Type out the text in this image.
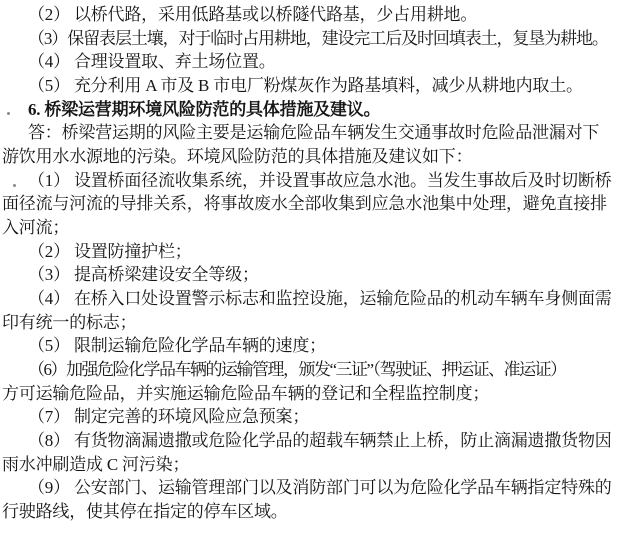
（2） 以桥代路，采用低路基或以桥隧代路基，少占用耕地。
（3）保留表层土壤，对于临时占用耕地，建设完工后及时回填表土，复垦为耕地。
（4） 合理设置取、弃土场位置。
（5） 充分利用 A 市及 B 市电厂粉煤灰作为路基填料，减少从耕地内取土。
6. 桥梁运营期环境风险防范的具体措施及建议。
答：桥梁营运期的风险主要是运输危险品车辆发生交通事故时危险品泄漏对下
游饮用水水源地的污染。环境风险防范的具体措施及建议如下：
（1） 设置桥面径流收集系统，并设置事故应急水池。当发生事故后及时切断桥
面径流与河流的导排关系，将事故废水全部收集到应急水池集中处理，避免直接排
入河流；
（2） 设置防撞护栏；
（3） 提高桥梁建设安全等级；
（4） 在桥入口处设置警示标志和监控设施，运输危险品的机动车辆车身侧面需
印有统一的标志；
（5） 限制运输危险化学品车辆的速度；
（6）加强危险化学品车辆的运输管理，颁发“三证”（驾驶证、押运证、准运证）
方可运输危险品，并实施运输危险品车辆的登记和全程监控制度；
（7） 制定完善的环境风险应急预案；
（8） 有货物滴漏遗撒或危险化学品的超载车辆禁止上桥，防止滴漏遗撒货物因
雨水冲刷造成 C 河污染；
（9） 公安部门、运输管理部门以及消防部门可以为危险化学品车辆指定特殊的
行驶路线，使其停在指定的停车区域。
